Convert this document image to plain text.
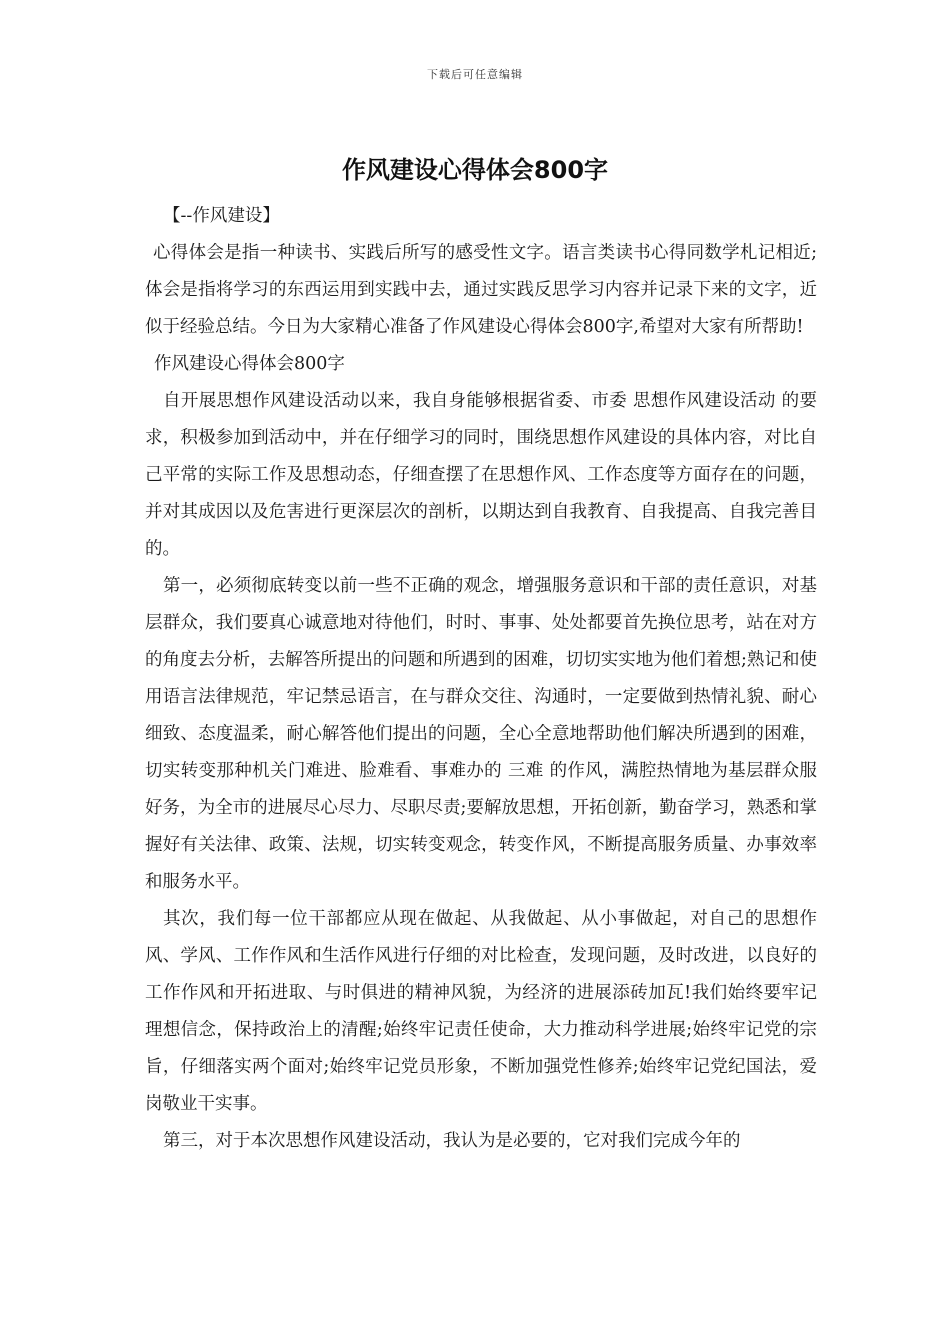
下载后可任意编辑
作风建设心得体会800字

【--作风建设】

心得体会是指一种读书、实践后所写的感受性文字。语言类读书心得同数学札记相近;体会是指将学习的东西运用到实践中去，通过实践反思学习内容并记录下来的文字，近似于经验总结。今日为大家精心准备了作风建设心得体会800字,希望对大家有所帮助!

作风建设心得体会800字

自开展思想作风建设活动以来，我自身能够根据省委、市委 思想作风建设活动 的要求，积极参加到活动中，并在仔细学习的同时，围绕思想作风建设的具体内容，对比自己平常的实际工作及思想动态，仔细查摆了在思想作风、工作态度等方面存在的问题，并对其成因以及危害进行更深层次的剖析，以期达到自我教育、自我提高、自我完善目的。

第一，必须彻底转变以前一些不正确的观念，增强服务意识和干部的责任意识，对基层群众，我们要真心诚意地对待他们，时时、事事、处处都要首先换位思考，站在对方的角度去分析，去解答所提出的问题和所遇到的困难，切切实实地为他们着想;熟记和使用语言法律规范，牢记禁忌语言，在与群众交往、沟通时，一定要做到热情礼貌、耐心细致、态度温柔，耐心解答他们提出的问题，全心全意地帮助他们解决所遇到的困难，切实转变那种机关门难进、脸难看、事难办的 三难 的作风，满腔热情地为基层群众服好务，为全市的进展尽心尽力、尽职尽责;要解放思想，开拓创新，勤奋学习，熟悉和掌握好有关法律、政策、法规，切实转变观念，转变作风，不断提高服务质量、办事效率和服务水平。

其次，我们每一位干部都应从现在做起、从我做起、从小事做起，对自己的思想作风、学风、工作作风和生活作风进行仔细的对比检查，发现问题，及时改进，以良好的工作作风和开拓进取、与时俱进的精神风貌，为经济的进展添砖加瓦!我们始终要牢记理想信念，保持政治上的清醒;始终牢记责任使命，大力推动科学进展;始终牢记党的宗旨，仔细落实两个面对;始终牢记党员形象，不断加强党性修养;始终牢记党纪国法，爱岗敬业干实事。

第三，对于本次思想作风建设活动，我认为是必要的，它对我们完成今年的
